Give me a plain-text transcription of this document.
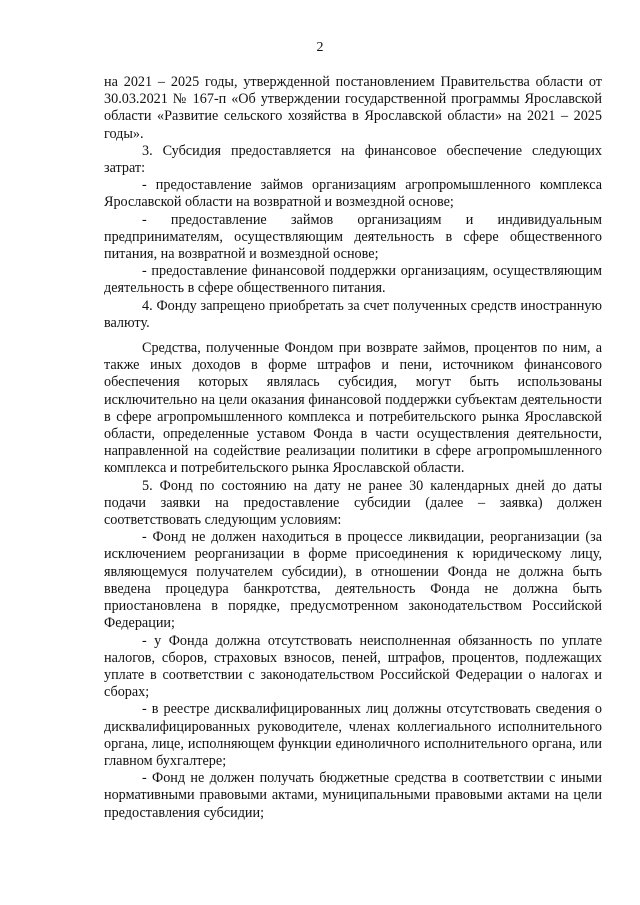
2

на 2021 – 2025 годы, утвержденной постановлением Правительства области от 30.03.2021 № 167-п «Об утверждении государственной программы Ярославской области «Развитие сельского хозяйства в Ярославской области» на 2021 – 2025 годы».

3. Субсидия предоставляется на финансовое обеспечение следующих затрат:

- предоставление займов организациям агропромышленного комплекса Ярославской области на возвратной и возмездной основе;

- предоставление займов организациям и индивидуальным предпринимателям, осуществляющим деятельность в сфере общественного питания, на возвратной и возмездной основе;

- предоставление финансовой поддержки организациям, осуществляющим деятельность в сфере общественного питания.

4. Фонду запрещено приобретать за счет полученных средств иностранную валюту.

Средства, полученные Фондом при возврате займов, процентов по ним, а также иных доходов в форме штрафов и пени, источником финансового обеспечения которых являлась субсидия, могут быть использованы исключительно на цели оказания финансовой поддержки субъектам деятельности в сфере агропромышленного комплекса и потребительского рынка Ярославской области, определенные уставом Фонда в части осуществления деятельности, направленной на содействие реализации политики в сфере агропромышленного комплекса и потребительского рынка Ярославской области.

5. Фонд по состоянию на дату не ранее 30 календарных дней до даты подачи заявки на предоставление субсидии (далее – заявка) должен соответствовать следующим условиям:

- Фонд не должен находиться в процессе ликвидации, реорганизации (за исключением реорганизации в форме присоединения к юридическому лицу, являющемуся получателем субсидии), в отношении Фонда не должна быть введена процедура банкротства, деятельность Фонда не должна быть приостановлена в порядке, предусмотренном законодательством Российской Федерации;

- у Фонда должна отсутствовать неисполненная обязанность по уплате налогов, сборов, страховых взносов, пеней, штрафов, процентов, подлежащих уплате в соответствии с законодательством Российской Федерации о налогах и сборах;

- в реестре дисквалифицированных лиц должны отсутствовать сведения о дисквалифицированных руководителе, членах коллегиального исполнительного органа, лице, исполняющем функции единоличного исполнительного органа, или главном бухгалтере;

- Фонд не должен получать бюджетные средства в соответствии с иными нормативными правовыми актами, муниципальными правовыми актами на цели предоставления субсидии;
